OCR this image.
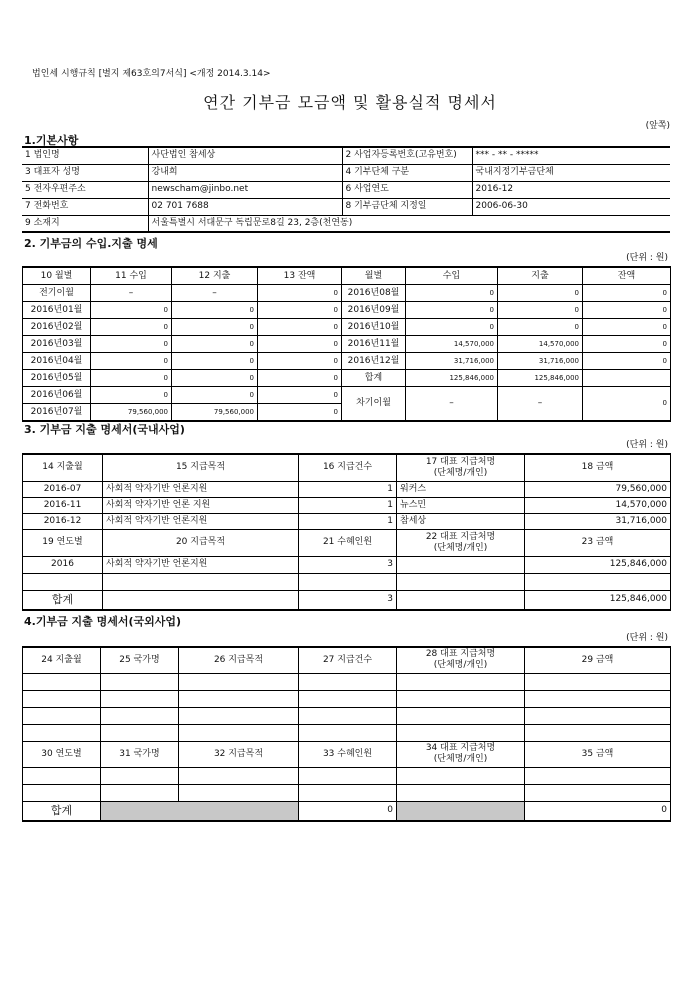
법인세 시행규칙 [별지 제63호의7서식] <개정 2014.3.14>
연간 기부금 모금액 및 활용실적 명세서
(앞쪽)
1.기본사항
1 법인명	사단법인 참세상	2 사업자등록번호(고유번호)	*** - ** - *****
3 대표자 성명	강내희	4 기부단체 구분	국내지정기부금단체
5 전자우편주소	newscham@jinbo.net	6 사업연도	2016-12
7 전화번호	02 701 7688	8 기부금단체 지정일	2006-06-30
9 소재지	서울특별시 서대문구 독립문로8길 23, 2층(천연동)		
2. 기부금의 수입.지출 명세
(단위 : 원)
10 월별	11 수입	12 지출	13 잔액	월별	수입	지출	잔액
전기이월	–	–	0	2016년08월	0	0	0
2016년01월	0	0	0	2016년09월	0	0	0
2016년02월	0	0	0	2016년10월	0	0	0
2016년03월	0	0	0	2016년11월	14,570,000	14,570,000	0
2016년04월	0	0	0	2016년12월	31,716,000	31,716,000	0
2016년05월	0	0	0	합계	125,846,000	125,846,000	
2016년06월	0	0	0	차기이월	–	–	0
2016년07월	79,560,000	79,560,000	0				
3. 기부금 지출 명세서(국내사업)
(단위 : 원)
14 지출월	15 지급목적	16 지급건수	17 대표 지급처명
(단체명/개인)	18 금액
2016-07	사회적 약자기반 언론지원	1	워커스	79,560,000
2016-11	사회적 약자기반 언론 지원	1	뉴스민	14,570,000
2016-12	사회적 약자기반 언론지원	1	참세상	31,716,000
19 연도별	20 지급목적	21 수혜인원	22 대표 지급처명
(단체명/개인)	23 금액
2016	사회적 약자기반 언론지원	3		125,846,000

합계		3		125,846,000
4.기부금 지출 명세서(국외사업)
(단위 : 원)
24 지출월	25 국가명	26 지급목적	27 지급건수	28 대표 지급처명
(단체명/개인)	29 금액

30 연도별	31 국가명	32 지급목적	33 수혜인원	34 대표 지급처명
(단체명/개인)	35 금액

합계			0		0
